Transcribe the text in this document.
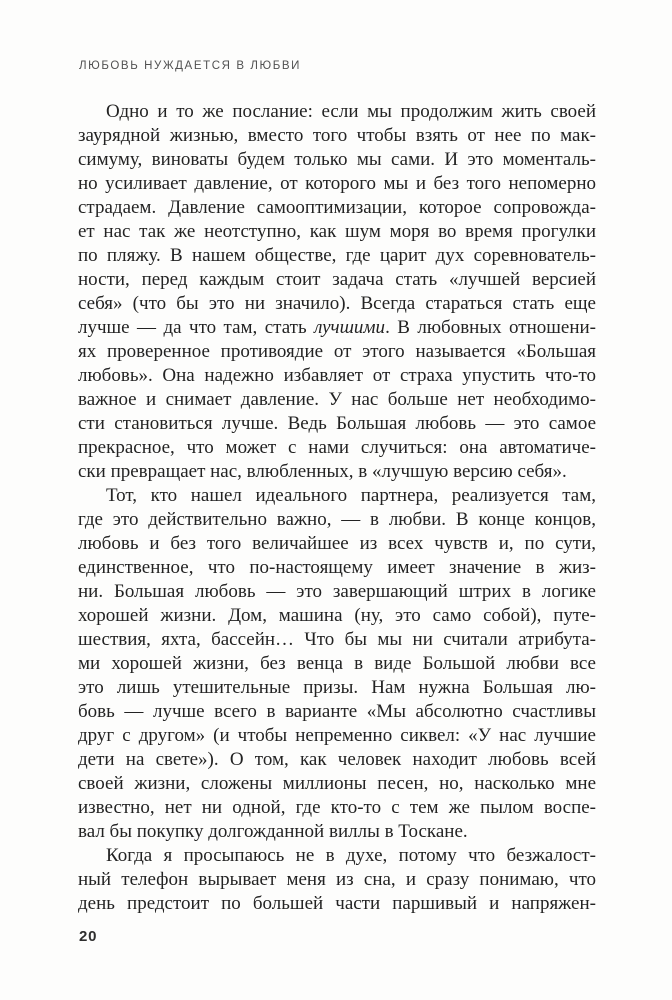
ЛЮБОВЬ НУЖДАЕТСЯ В ЛЮБВИ
Одно и то же послание: если мы продолжим жить своей
заурядной жизнью, вместо того чтобы взять от нее по мак-
симуму, виноваты будем только мы сами. И это моменталь-
но усиливает давление, от которого мы и без того непомерно
страдаем. Давление самооптимизации, которое сопровожда-
ет нас так же неотступно, как шум моря во время прогулки
по пляжу. В нашем обществе, где царит дух соревнователь-
ности, перед каждым стоит задача стать «лучшей версией
себя» (что бы это ни значило). Всегда стараться стать еще
лучше — да что там, стать лучшими. В любовных отношени-
ях проверенное противоядие от этого называется «Большая
любовь». Она надежно избавляет от страха упустить что-то
важное и снимает давление. У нас больше нет необходимо-
сти становиться лучше. Ведь Большая любовь — это самое
прекрасное, что может с нами случиться: она автоматиче-
ски превращает нас, влюбленных, в «лучшую версию себя».
Тот, кто нашел идеального партнера, реализуется там,
где это действительно важно, — в любви. В конце концов,
любовь и без того величайшее из всех чувств и, по сути,
единственное, что по-настоящему имеет значение в жиз-
ни. Большая любовь — это завершающий штрих в логике
хорошей жизни. Дом, машина (ну, это само собой), путе-
шествия, яхта, бассейн… Что бы мы ни считали атрибута-
ми хорошей жизни, без венца в виде Большой любви все
это лишь утешительные призы. Нам нужна Большая лю-
бовь — лучше всего в варианте «Мы абсолютно счастливы
друг с другом» (и чтобы непременно сиквел: «У нас лучшие
дети на свете»). О том, как человек находит любовь всей
своей жизни, сложены миллионы песен, но, насколько мне
известно, нет ни одной, где кто-то с тем же пылом воспе-
вал бы покупку долгожданной виллы в Тоскане.
Когда я просыпаюсь не в духе, потому что безжалост-
ный телефон вырывает меня из сна, и сразу понимаю, что
день предстоит по большей части паршивый и напряжен-
20
